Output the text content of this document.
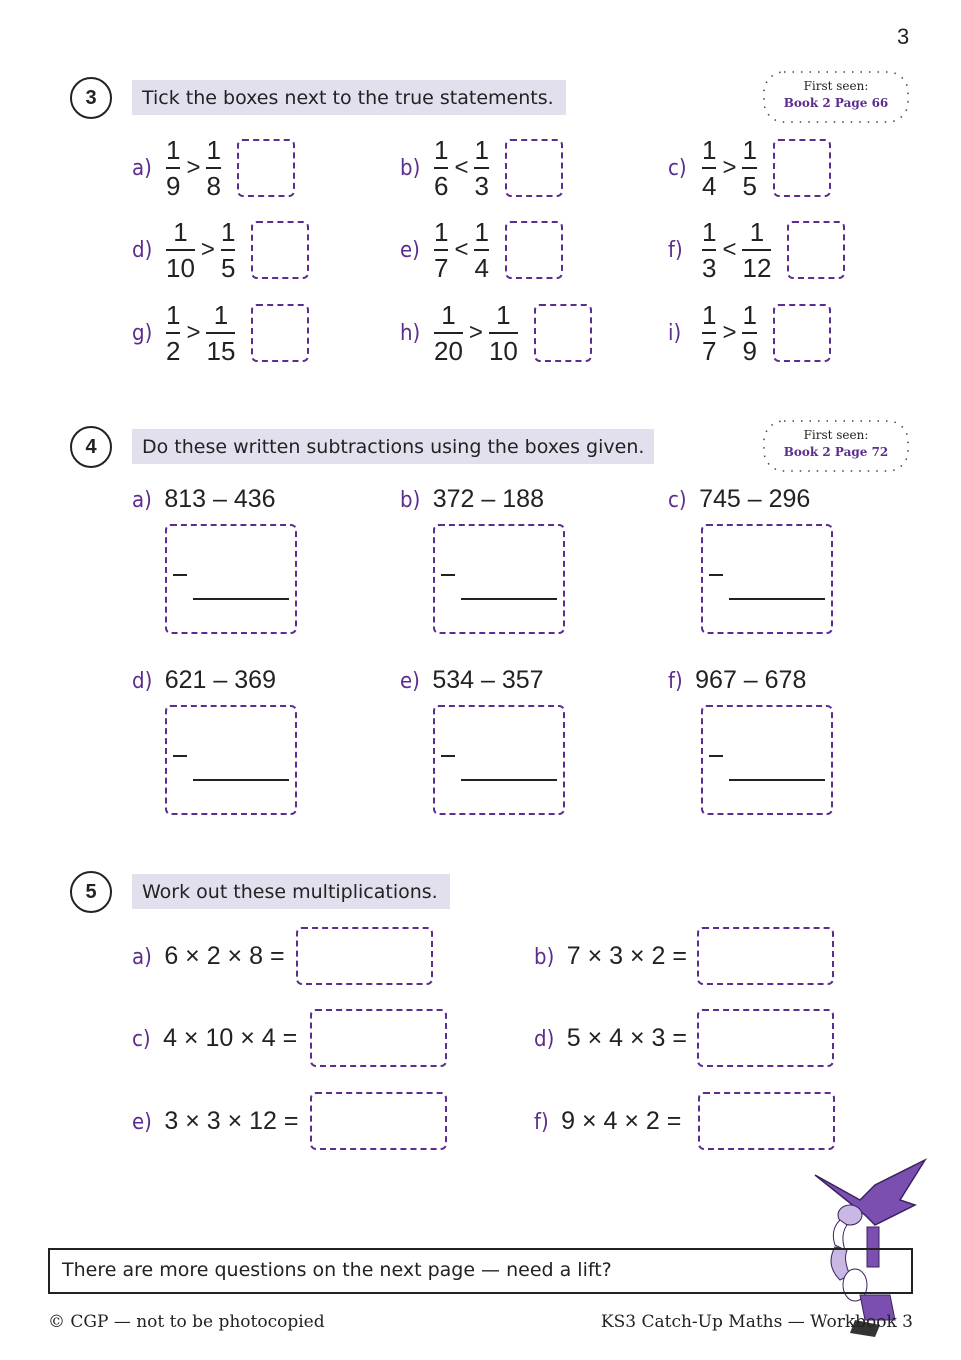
3
3	Tick the boxes next to the true statements.
First seen:
Book 2 Page 66
$a) \frac{1}{9} > \frac{1}{8}$	$b) \frac{1}{6} < \frac{1}{3}$	$c) \frac{1}{4} > \frac{1}{5}$
$d) \frac{1}{10} > \frac{1}{5}$	$e) \frac{1}{7} < \frac{1}{4}$	$f) \frac{1}{3} < \frac{1}{12}$
$g) \frac{1}{2} > \frac{1}{15}$	$h) \frac{1}{20} > \frac{1}{10}$	$i) \frac{1}{7} > \frac{1}{9}$
4	Do these written subtractions using the boxes given.
First seen:
Book 2 Page 72
a) 813 – 436	b) 372 – 188	c) 745 – 296
d) 621 – 369	e) 534 – 357	f) 967 – 678
5	Work out these multiplications.
a) 6 × 2 × 8 =	b) 7 × 3 × 2 =
c) 4 × 10 × 4 =	d) 5 × 4 × 3 =
e) 3 × 3 × 12 =	f) 9 × 4 × 2 =
There are more questions on the next page — need a lift?
© CGP — not to be photocopied	KS3 Catch-Up Maths — Workbook 3
